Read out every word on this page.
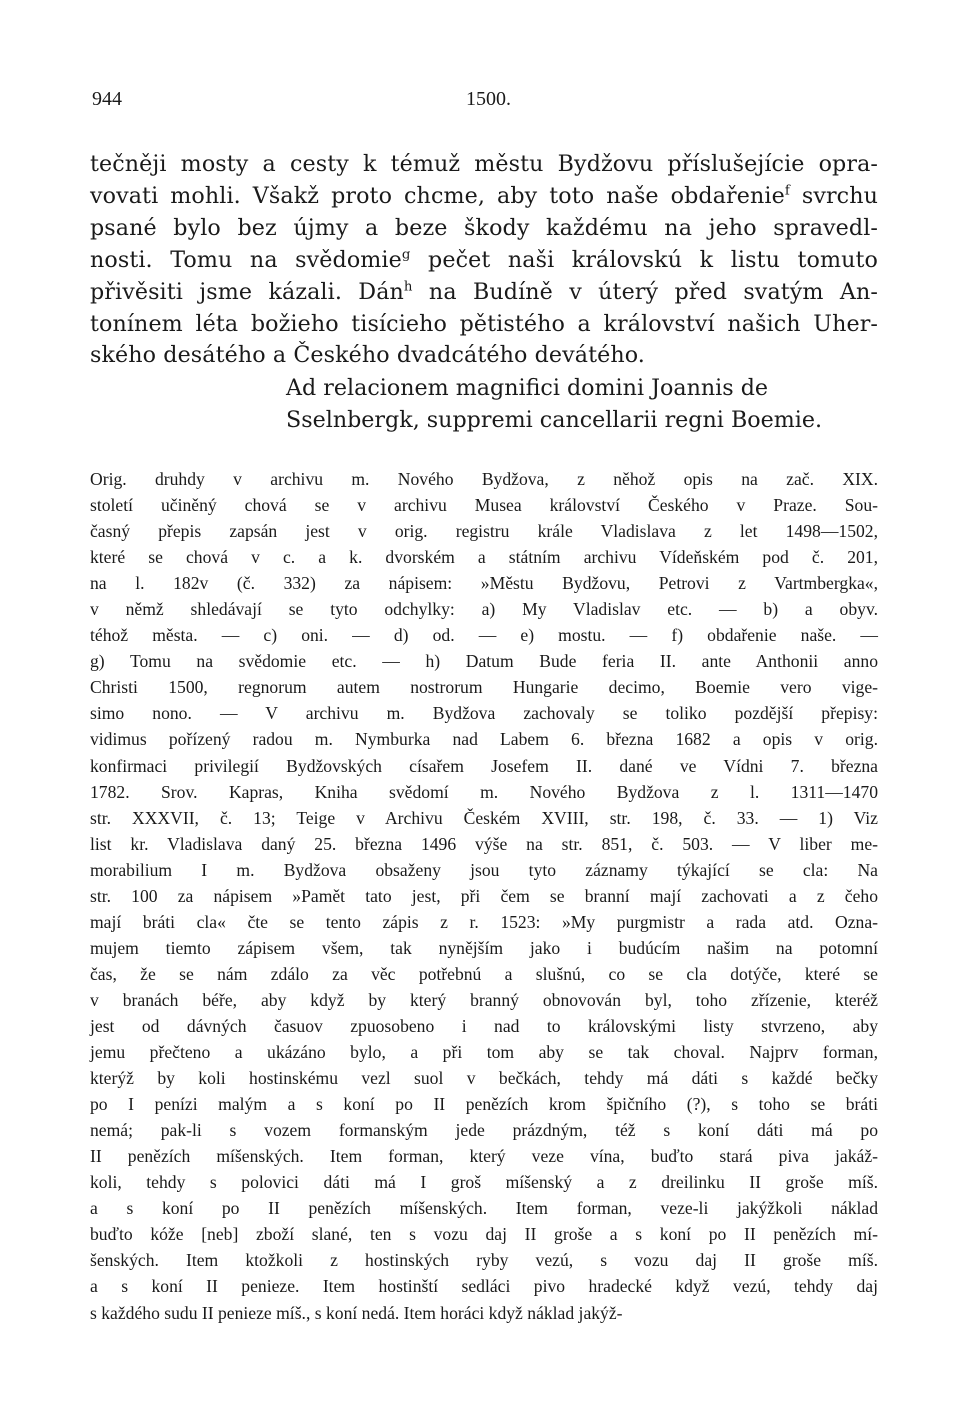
944	1500.
tečněji mosty a cesty k témuž městu Bydžovu příslušejície opra-
vovati mohli. Všakž proto chcme, aby toto naše obdařenie$^f$ svrchu
psané bylo bez újmy a beze škody každému na jeho spravedl-
nosti. Tomu na svědomie$^g$ pečet naši královskú k listu tomuto
přivěsiti jsme kázali. Dán$^h$ na Budíně v úterý před svatým An-
tonínem léta božieho tisícieho pětistého a království našich Uher-
ského desátého a Českého dvadcátého devátého.
Ad relacionem magnifici domini Joannis de
Sselnbergk, suppremi cancellarii regni Boemie.
Orig. druhdy v archivu m. Nového Bydžova, z něhož opis na zač. XIX.
století učiněný chová se v archivu Musea království Českého v Praze. Sou-
časný přepis zapsán jest v orig. registru krále Vladislava z let 1498—1502,
které se chová v c. a k. dvorském a státním archivu Vídeňském pod č. 201,
na l. 182v (č. 332) za nápisem: »Městu Bydžovu, Petrovi z Vartmbergka«,
v němž shledávají se tyto odchylky: a) My Vladislav etc. — b) a obyv.
téhož města. — c) oni. — d) od. — e) mostu. — f) obdařenie naše. —
g) Tomu na svědomie etc. — h) Datum Bude feria II. ante Anthonii anno
Christi 1500, regnorum autem nostrorum Hungarie decimo, Boemie vero vige-
simo nono. — V archivu m. Bydžova zachovaly se toliko pozdější přepisy:
vidimus pořízený radou m. Nymburka nad Labem 6. března 1682 a opis v orig.
konfirmaci privilegií Bydžovských císařem Josefem II. dané ve Vídni 7. března
1782. Srov. Kapras, Kniha svědomí m. Nového Bydžova z l. 1311—1470
str. XXXVII, č. 13; Teige v Archivu Českém XVIII, str. 198, č. 33. — 1) Viz
list kr. Vladislava daný 25. března 1496 výše na str. 851, č. 503. — V liber me-
morabilium I m. Bydžova obsaženy jsou tyto záznamy týkající se cla: Na
str. 100 za nápisem »Pamět tato jest, při čem se branní mají zachovati a z čeho
mají bráti cla« čte se tento zápis z r. 1523: »My purgmistr a rada atd. Ozna-
mujem tiemto zápisem všem, tak nynějším jako i budúcím našim na potomní
čas, že se nám zdálo za věc potřebnú a slušnú, co se cla dotýče, které se
v branách béře, aby když by který branný obnovován byl, toho zřízenie, kteréž
jest od dávných časuov zpuosobeno i nad to královskými listy stvrzeno, aby
jemu přečteno a ukázáno bylo, a při tom aby se tak choval. Najprv forman,
kterýž by koli hostinskému vezl suol v bečkách, tehdy má dáti s každé bečky
po I penízi malým a s koní po II penězích krom špičního (?), s toho se bráti
nemá; pak-li s vozem formanským jede prázdným, též s koní dáti má po
II penězích míšenských. Item forman, který veze vína, buďto stará piva jakáž-
koli, tehdy s polovici dáti má I groš míšenský a z dreilinku II groše míš.
a s koní po II penězích míšenských. Item forman, veze-li jakýžkoli náklad
buďto kóže [neb] zboží slané, ten s vozu daj II groše a s koní po II penězích mí-
šenských. Item ktožkoli z hostinských ryby vezú, s vozu daj II groše míš.
a s koní II penieze. Item hostinští sedláci pivo hradecké když vezú, tehdy daj
s každého sudu II penieze míš., s koní nedá. Item horáci když náklad jakýž-
